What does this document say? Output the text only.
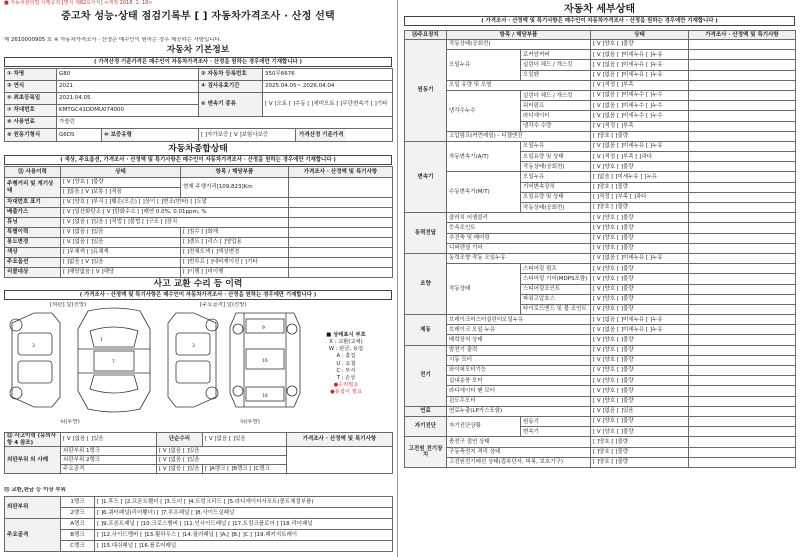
■ 자동차관리법 시행규칙 [별지 제82호서식] <개정 2018. 1. 18>
중고차 성능·상태 점검기록부 [ ] 자동차가격조사 · 산정 선택
제 2610000905 호 ※ 자동차가격조사 · 산정은 매수인이 원하는 경우 제공하는 사항입니다.
자동차 기본정보
( 가격산정 기준가격은 매수인이 자동차가격조사 · 산정을 원하는 경우에만 기재합니다 )
① 차명	G80	② 자동차 등록번호	350무6676
③ 연식	2021	④ 검사유효기간	2025.04.05~ 2026.04.04
⑤ 최초등록일	2021.04.05	⑥ 변속기 종류	[ V ]오토 [ ]수동 [ ]세미오토 [ ]무단변속기 [ ]기타
⑦ 차대번호	KMTGC41DDMU074000		
⑧ 사용연료	가솔린		
⑨ 원동기형식	G6DS ⑩ 보증유형	[ ]자가보증 [ V ]보험사보증 가격산정 기준가격	
자동차종합상태
( 색상, 주요옵션, 가격조사 · 산정액 및 특기사항은 매수인이 자동차가격조사 · 산정을 원하는 경우에만 기재합니다 )
⑪ 사용이력	상태	항목 / 해당부품	가격조사 · 산정액 및 특기사항
주행거리 및 계기상태	[ V ]양호 [ ]불량	현재 주행거리[109,823]Km	
	[ ]많음 [ V ]보통 [ ]적음		
차대번호 표기	[ V ]양호 [ ]부식 [ ]훼손(오손) [ ]상이 [ ]변조(변타) [ ]도말		
배출가스	[ V ]일산화탄소 [ V ]탄화수소 [ ]매연 0.0%, 0.01ppm, %		
튜닝	[ V ]없음 [ ]있음 [ ]적법 [ ]불법 [ ]구조 [ ]장치		
특별이력	[ V ]없음 [ ]있음	[ ]침수 [ ]화재	
용도변경	[ V ]없음 [ ]있음	[ ]렌트 [ ]리스 [ ]영업용	
색상	[ ]무채색 [ ]유채색	[ ]전체도색 [ ]색상변경	
주요옵션	[ ]없음 [ V ]있음	[ ]썬루프 [ ]네비게이션 [ ]기타	
리콜대상	[ ]해당없음 [ V ]해당	[ ]이행 [ ]미이행	
사고 교환 수리 등 이력
( 가격조사 · 산정액 및 특기사항은 매수인이 자동차가격조사 · 산정을 원하는 경우에만 기재합니다 )
[외판] 앞(전방)	[주요골격] 앞(전방)
1
3
7
3
9
16
18
■ 상태표시 부호
X : 교환(교체)
W : 판금, 용접
A : 흠집
U : 요철
C : 부식
T : 손상
●수리필요
●용접이 필요
뒤(후방)	뒤(후방)
⑫ 사고이력 (유의사항 4 참조)	[ V ]없음 [ ]있음	단순수리	[ V ]없음 [ ]있음	가격조사 · 산정액 및 특기사항
외판부위 외 사례	외판부위 1랭크	[ V ]없음 [ ]있음		
	외판부위 2랭크	[ V ]없음 [ ]있음		
	주요골격	[ V ]없음 [ ]있음	[ ]A랭크 [ ]B랭크 [ ]C랭크	
⑬ 교환,판금 등 이상 부위
외판부위	1랭크	[ ]1.후드 [ ]2.프론트휀더 [ ]3.도어 [ ]4.트렁크리드 [ ]5.라디에이터서포트(볼트체결부품)
	2랭크	[ ]6.쿼터패널(리어휀더) [ ]7.루프패널 [ ]8.사이드실패널
주요골격	A랭크	[ ]9.프론트패널 [ ]10.크로스멤버 [ ]11.인사이드패널 [ ]17.트렁크플로어 [ ]18.리어패널
	B랭크	[ ]12.사이드멤버 [ ]13.휠하우스 [ ]14.필러패널 [ ]A,[ ]B,[ ]C [ ]19.패키지트레이
	C랭크	[ ]15.대쉬패널 [ ]16.플로어패널
자동차 세부상태
( 가격조사 · 산정액 및 특기사항은 매수인이 자동차가격조사 · 산정을 원하는 경우에만 기재합니다 )
⑭주요장치	항목 / 해당부품		상태	가격조사 · 산정액 및 특기사항
원동기	작동상태(공회전)		[ V ]양호 [ ]불량	
	오일누유	로커암커버	[ V ]없음 [ ]미세누유 [ ]누유	
		실린더 헤드 / 개스킷	[ V ]없음 [ ]미세누유 [ ]누유	
		오일팬	[ V ]없음 [ ]미세누유 [ ]누유	
	오일 유량 및 오염		[ V ]적정 [ ]부족	
	냉각수누수	실린더 헤드 / 개스킷	[ V ]없음 [ ]미세누수 [ ]누수	
		워터펌프	[ V ]없음 [ ]미세누수 [ ]누수	
		라디에이터	[ V ]없음 [ ]미세누수 [ ]누수	
		냉각수 수량	[ V ]적정 [ ]부족	
	고압펌프(커먼레일) - 디젤엔진		[ ]양호 [ ]불량	
변속기	자동변속기(A/T)	오일누유	[ V ]없음 [ ]미세누유 [ ]누유	
		오일유량 및 상태	[ V ]적정 [ ]부족 [ ]과다	
		작동상태(공회전)	[ V ]양호 [ ]불량	
	수동변속기(M/T)	오일누유	[ ]없음 [ ]미세누유 [ ]누유	
		기어변속장치	[ ]양호 [ ]불량	
		오일유량 및 상태	[ ]적정 [ ]부족 [ ]과다	
		작동상태(공회전)	[ ]양호 [ ]불량	
동력전달	클러치 어셈블리		[ V ]양호 [ ]불량	
	등속조인트		[ V ]양호 [ ]불량	
	추진축 및 베어링		[ V ]양호 [ ]불량	
	디퍼렌셜 기어		[ V ]양호 [ ]불량	
조향	동력조향 작동 오일누유		[ V ]없음 [ ]미세누유 [ ]누유	
	작동상태	스티어링 펌프	[ V ]양호 [ ]불량	
		스티어링 기어(MDPS포함)	[ V ]양호 [ ]불량	
		스티어링조인트	[ V ]양호 [ ]불량	
		파워고압호스	[ V ]양호 [ ]불량	
		타이로드엔드 및 볼 조인트	[ V ]양호 [ ]불량	
제동	브레이크마스터실린더오일누유		[ V ]없음 [ ]미세누유 [ ]누유	
	브레이크 오일 누유		[ V ]없음 [ ]미세누유 [ ]누유	
	배력장치 상태		[ V ]양호 [ ]불량	
전기	발전기 출력		[ V ]양호 [ ]불량	
	시동 모터		[ V ]양호 [ ]불량	
	와이퍼모터기능		[ V ]양호 [ ]불량	
	실내송풍 모터		[ V ]양호 [ ]불량	
	라디에이터 팬 모터		[ V ]양호 [ ]불량	
	윈도우모터		[ V ]양호 [ ]불량	
연료	연료누출(LP가스포함)		[ V ]없음 [ ]있음	
자기진단	자기진단상황	원동기	[ V ]양호 [ ]불량	
		변속기	[ V ]양호 [ ]불량	
고전원 전기장치	충전구 절연 상태		[ ]양호 [ ]불량	
	구동축전지 격리 상태		[ ]양호 [ ]불량	
	고전원전기배선 상태(접속단자, 피복, 보호기구)		[ ]양호 [ ]불량	
